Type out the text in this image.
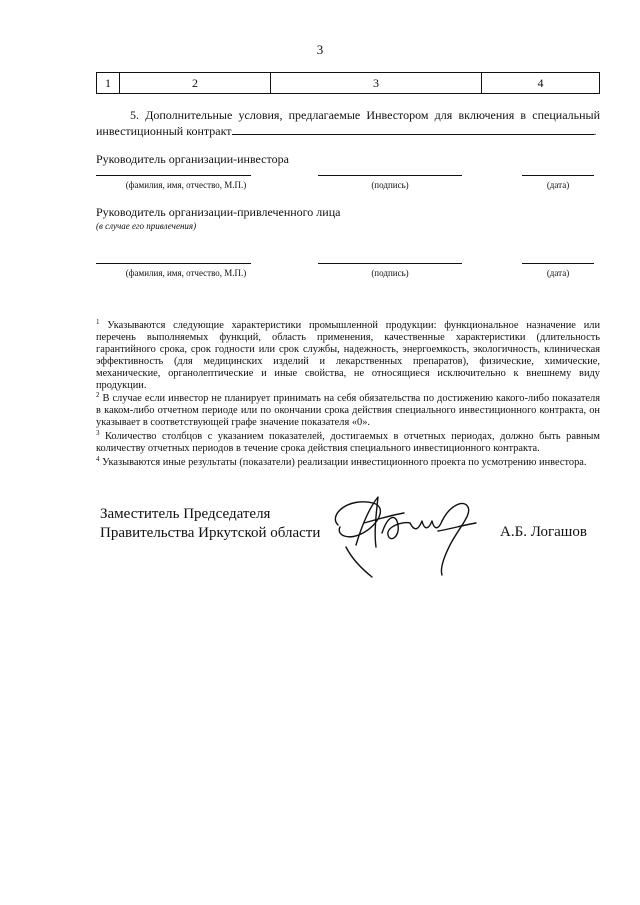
3
1	2	3	4
5. Дополнительные условия, предлагаемые Инвестором для включения в специальный инвестиционный контракт	.
Руководитель организации-инвестора
(фамилия, имя, отчество, М.П.)	(подпись)	(дата)
Руководитель организации-привлеченного лица
(в случае его привлечения)
(фамилия, имя, отчество, М.П.)	(подпись)	(дата)
$^1$ Указываются следующие характеристики промышленной продукции: функциональное назначение или перечень выполняемых функций, область применения, качественные характеристики (длительность гарантийного срока, срок годности или срок службы, надежность, энергоемкость, экологичность, клиническая эффективность (для медицинских изделий и лекарственных препаратов), физические, химические, механические, органолептические и иные свойства, не относящиеся исключительно к внешнему виду продукции.
$^2$ В случае если инвестор не планирует принимать на себя обязательства по достижению какого-либо показателя в каком-либо отчетном периоде или по окончании срока действия специального инвестиционного контракта, он указывает в соответствующей графе значение показателя «0».
$^3$ Количество столбцов с указанием показателей, достигаемых в отчетных периодах, должно быть равным количеству отчетных периодов в течение срока действия специального инвестиционного контракта.
$^4$ Указываются иные результаты (показатели) реализации инвестиционного проекта по усмотрению инвестора.
Заместитель Председателя
Правительства Иркутской области	А.Б. Логашов
